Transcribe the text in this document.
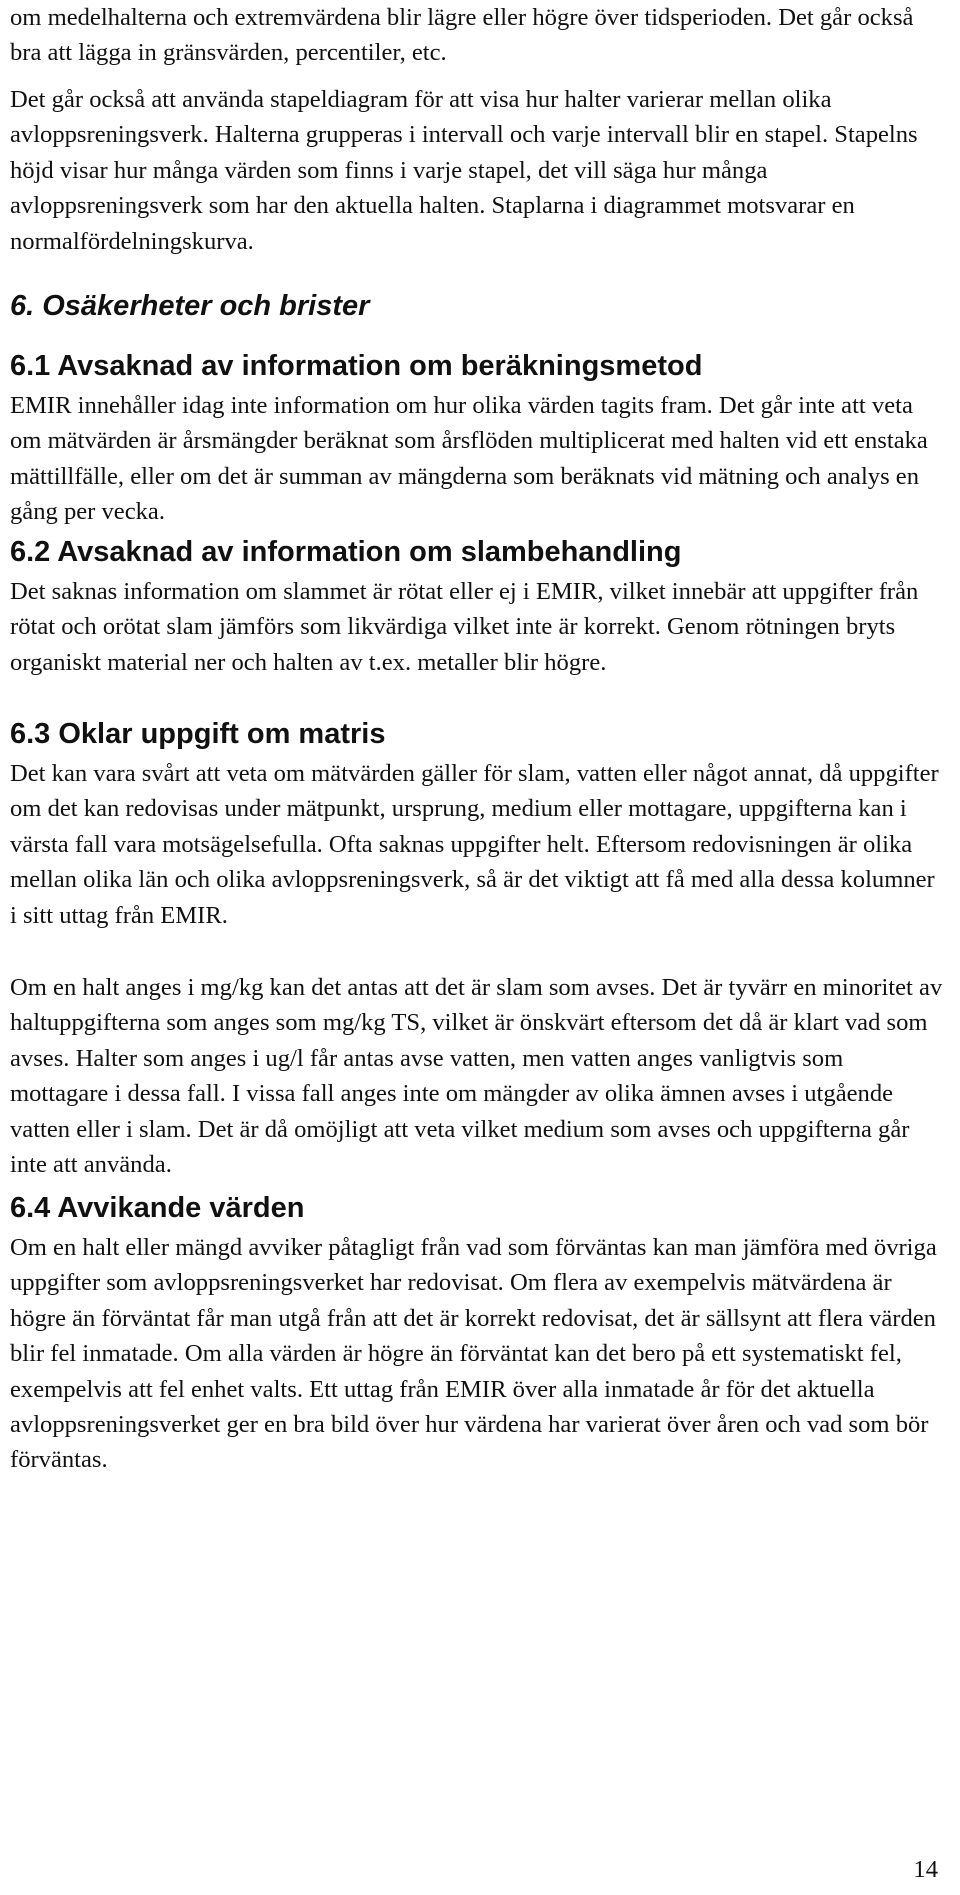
om medelhalterna och extremvärdena blir lägre eller högre över tidsperioden. Det går också bra att lägga in gränsvärden, percentiler, etc.

Det går också att använda stapeldiagram för att visa hur halter varierar mellan olika avloppsreningsverk. Halterna grupperas i intervall och varje intervall blir en stapel. Stapelns höjd visar hur många värden som finns i varje stapel, det vill säga hur många avloppsreningsverk som har den aktuella halten. Staplarna i diagrammet motsvarar en normalfördelningskurva.

6. Osäkerheter och brister
6.1 Avsaknad av information om beräkningsmetod

EMIR innehåller idag inte information om hur olika värden tagits fram. Det går inte att veta om mätvärden är årsmängder beräknat som årsflöden multiplicerat med halten vid ett enstaka mättillfälle, eller om det är summan av mängderna som beräknats vid mätning och analys en gång per vecka.

6.2 Avsaknad av information om slambehandling

Det saknas information om slammet är rötat eller ej i EMIR, vilket innebär att uppgifter från rötat och orötat slam jämförs som likvärdiga vilket inte är korrekt. Genom rötningen bryts organiskt material ner och halten av t.ex. metaller blir högre.

6.3 Oklar uppgift om matris

Det kan vara svårt att veta om mätvärden gäller för slam, vatten eller något annat, då uppgifter om det kan redovisas under mätpunkt, ursprung, medium eller mottagare, uppgifterna kan i värsta fall vara motsägelsefulla. Ofta saknas uppgifter helt. Eftersom redovisningen är olika mellan olika län och olika avloppsreningsverk, så är det viktigt att få med alla dessa kolumner i sitt uttag från EMIR.

Om en halt anges i mg/kg kan det antas att det är slam som avses. Det är tyvärr en minoritet av haltuppgifterna som anges som mg/kg TS, vilket är önskvärt eftersom det då är klart vad som avses. Halter som anges i ug/l får antas avse vatten, men vatten anges vanligtvis som mottagare i dessa fall. I vissa fall anges inte om mängder av olika ämnen avses i utgående vatten eller i slam. Det är då omöjligt att veta vilket medium som avses och uppgifterna går inte att använda.

6.4 Avvikande värden

Om en halt eller mängd avviker påtagligt från vad som förväntas kan man jämföra med övriga uppgifter som avloppsreningsverket har redovisat. Om flera av exempelvis mätvärdena är högre än förväntat får man utgå från att det är korrekt redovisat, det är sällsynt att flera värden blir fel inmatade. Om alla värden är högre än förväntat kan det bero på ett systematiskt fel, exempelvis att fel enhet valts. Ett uttag från EMIR över alla inmatade år för det aktuella avloppsreningsverket ger en bra bild över hur värdena har varierat över åren och vad som bör förväntas.

14
